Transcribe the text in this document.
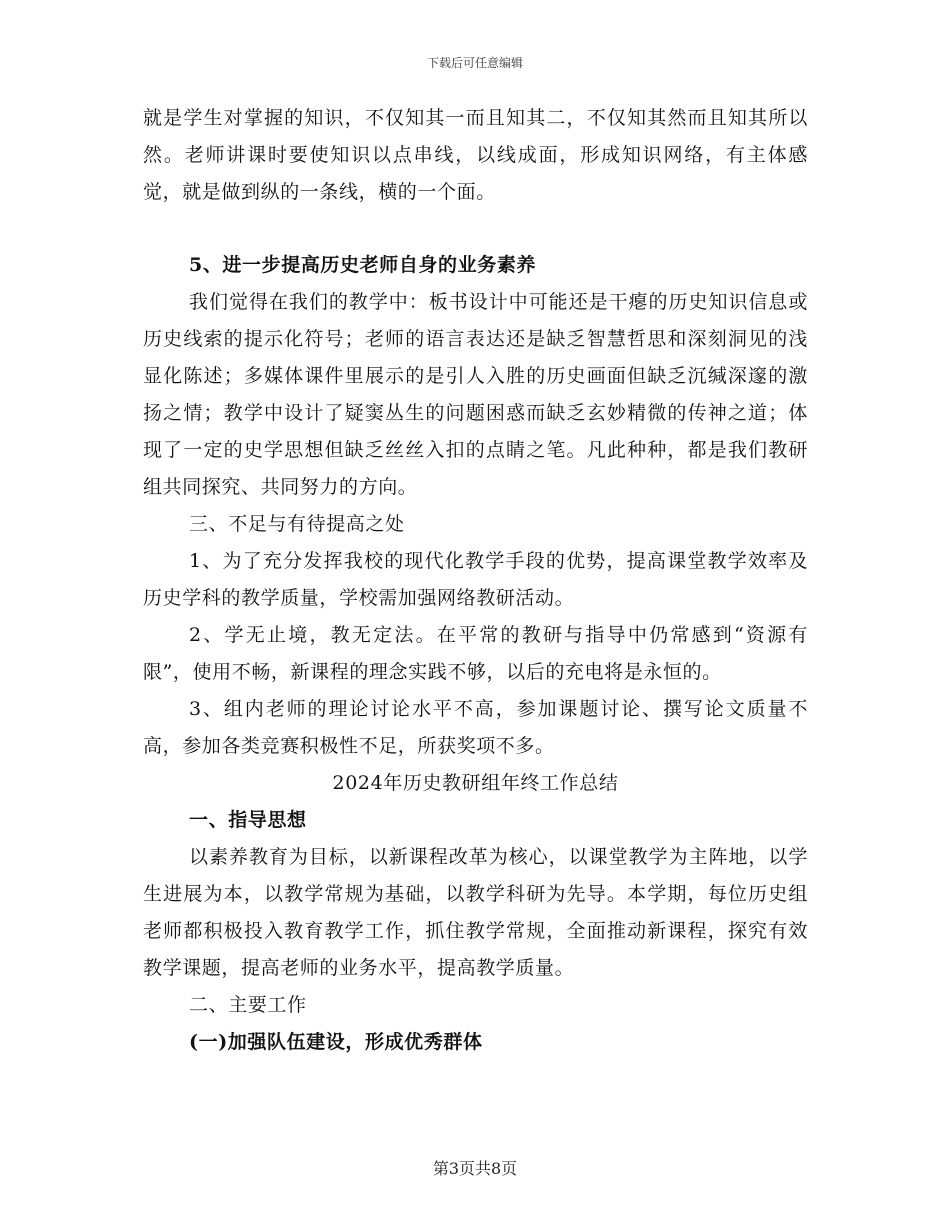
下载后可任意编辑

就是学生对掌握的知识，不仅知其一而且知其二，不仅知其然而且知其所以然。老师讲课时要使知识以点串线，以线成面，形成知识网络，有主体感觉，就是做到纵的一条线，横的一个面。

5、进一步提高历史老师自身的业务素养

我们觉得在我们的教学中：板书设计中可能还是干瘪的历史知识信息或历史线索的提示化符号；老师的语言表达还是缺乏智慧哲思和深刻洞见的浅显化陈述；多媒体课件里展示的是引人入胜的历史画面但缺乏沉缄深邃的激扬之情；教学中设计了疑窦丛生的问题困惑而缺乏玄妙精微的传神之道；体现了一定的史学思想但缺乏丝丝入扣的点睛之笔。凡此种种，都是我们教研组共同探究、共同努力的方向。

三、不足与有待提高之处

1、为了充分发挥我校的现代化教学手段的优势，提高课堂教学效率及历史学科的教学质量，学校需加强网络教研活动。

2、学无止境，教无定法。在平常的教研与指导中仍常感到“资源有限”，使用不畅，新课程的理念实践不够，以后的充电将是永恒的。

3、组内老师的理论讨论水平不高，参加课题讨论、撰写论文质量不高，参加各类竞赛积极性不足，所获奖项不多。

2024年历史教研组年终工作总结

一、指导思想

以素养教育为目标，以新课程改革为核心，以课堂教学为主阵地，以学生进展为本，以教学常规为基础，以教学科研为先导。本学期，每位历史组老师都积极投入教育教学工作，抓住教学常规，全面推动新课程，探究有效教学课题，提高老师的业务水平，提高教学质量。

二、主要工作

(一)加强队伍建设，形成优秀群体

第3页共8页
